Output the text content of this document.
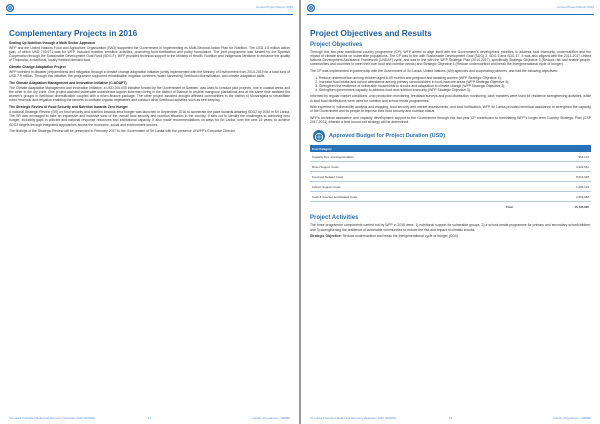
Annual Project Report 2016
Complementary Projects in 2016
Scaling Up Nutrition through a Multi Sector Approach

WFP and the United Nations Food and Agriculture Organization (FAO) supported the Government in implementing its Multi-Sectoral Action Plan for Nutrition. The USD 1.5 million action plan, of which USD 749,671 was for WFP, included nutrition sensitive activities, promoting food fortification and policy formulation. The joint programme was funded by the Spanish Cooperation through the Sustainable Development Goal Fund (SDG-F). WFP provided technical support to the Ministry of Health, Nutrition and Indigenous Medicine to enhance the quality of Thriposha, a nutritious, locally fortified blended food.

Climate Change Adaptation Project

WFP invested in disaster preparedness and mitigation through a climate change adaptation initiative jointly implemented with the Ministry of Environment from 2014-2019 for a total fund of USD 7.9 million. Through this initiative, the programme supported rehabilitation irrigation schemes, water harvesting, livelihood diversification, and climate adaptation skills.

The Climate Adaptation Management and Innovation Initiative (C-ADAPT)

The Climate Adaptation Management and Innovation Initiative, a USD 200,000 initiative funded by the Government of Sweden, was used to conduct pilot projects, one in coastal areas and the other in the dry zone. One project assisted vulnerable subsistence lagoon fishermen living in the district of Mannar to restore mangrove plantations and at the same time assisted the women's groups in livelihood diversification coupled with a micro-finance package. The other project assisted drought affected communities in the district of Monaragala to rehabilitate micro reservoir and irrigation enabling the farmers to cultivate organic vegetables and conduct other livelihood activities such as bee keeping.

The Strategic Review of Food Security and Nutrition towards Zero Hunger

A national Strategic Review (SR) on food security and nutrition towards zero hunger was launched in September 2016 to accelerate the pace towards attaining SDG2 by 2030 in Sri Lanka. The SR was envisaged to take an expansive and inclusive view of the overall food security and nutrition situation in the country. It sets out to identify the challenges to achieving zero hunger, including gaps in policies and national response resources and institutional capacity. It also made recommendations on ways for Sri Lanka, over the next 15 years, to achieve SDG2 targets through integrated approaches across the economic, social and environment sectors.

The findings of the Strategic Review will be presented in February 2017 to the Government of Sri Lanka with the presence of WFP's Executive Director.

Sri Lanka Protracted Relief and Recovery Operation 2016 (200452)	14	Country Programme - 200866
Annual Project Report 2016
Project Objectives and Results
Project Objectives

Through this two-year transitional country programme (CP), WFP aimed to align itself with the Government's development priorities to address food insecurity, undernutrition and the impact of climate shocks on vulnerable populations. The CP was in line with Sustainable Development Goal (SDG) 2, SDG 5 and SDG 17. It was also aligned with the 2013-2017 United Nations Development Assistance Framework (UNDAF) cycle, and was in line with the WFP Strategic Plan (2014-2017), specifically Strategic Objective 3 (Reduce risk and enable people, communities and countries to meet their own food and nutrition needs) and Strategic Objective 4 (Reduce undernutrition and break the intergenerational cycle of hunger).

The CP was implemented in partnership with the Government of Sri Lanka, United Nations (UN) agencies and cooperating partners, and had the following objectives:

1. Reduce undernutrition among children aged 6-59 months and pregnant and lactating women (WFP Strategic Objective 4);
2. Increase food intake and school attendance among primary schoolchildren in food-insecure areas (WFP Strategic Objective 4);
3. Strengthen the resilience of vulnerable households to shocks and adaptation to climate change (WFP Strategic Objective 3);
4. Strengthen government capacity to address food and nutrition insecurity (WFP Strategic Objective 3).

Informed by regular market conditions, crop production monitoring, feedback surveys and post distribution monitoring, cash transfers were used for resilience strengthening activities, while in-kind food distributions were used for nutrition and school meals programmes.

With expertise in vulnerability analysis and mapping, food security and market assessments, and food fortification, WFP Sri Lanka provided technical assistance to strengthen the capacity of the Government and its people to improve their food security and nutrition status.

WFP's technical assistance and capacity development support to the Government through this two-year CP contributed to formulating WFP's longer-term Country Strategic Plan (CSP 2017-2021) wherein a time bound exit strategy will be determined.

Approved Budget for Project Duration (USD)
Cost Category	
Capacity Dev. and Augmentation	951,172
Direct Support Costs	3,324,651
Food and Related Costs	8,914,028
Indirect Support Costs	1,096,133
Cash & Voucher and Related Costs	2,509,682
Total	16,795,665
Project Activities

The three programme components carried out by WFP in 2016 were: 1) nutritional support for vulnerable groups; 2) a school meals programme for primary and secondary schoolchildren; and 3) strengthening the resilience of vulnerable communities to reduce the risk and impact of climatic shocks.

Strategic Objective: Reduce undernutrition and break the intergenerational cycle of hunger (SO4)

Sri Lanka Protracted Relief and Recovery Operation 2016 (200452)	15	Country Programme - 200866
